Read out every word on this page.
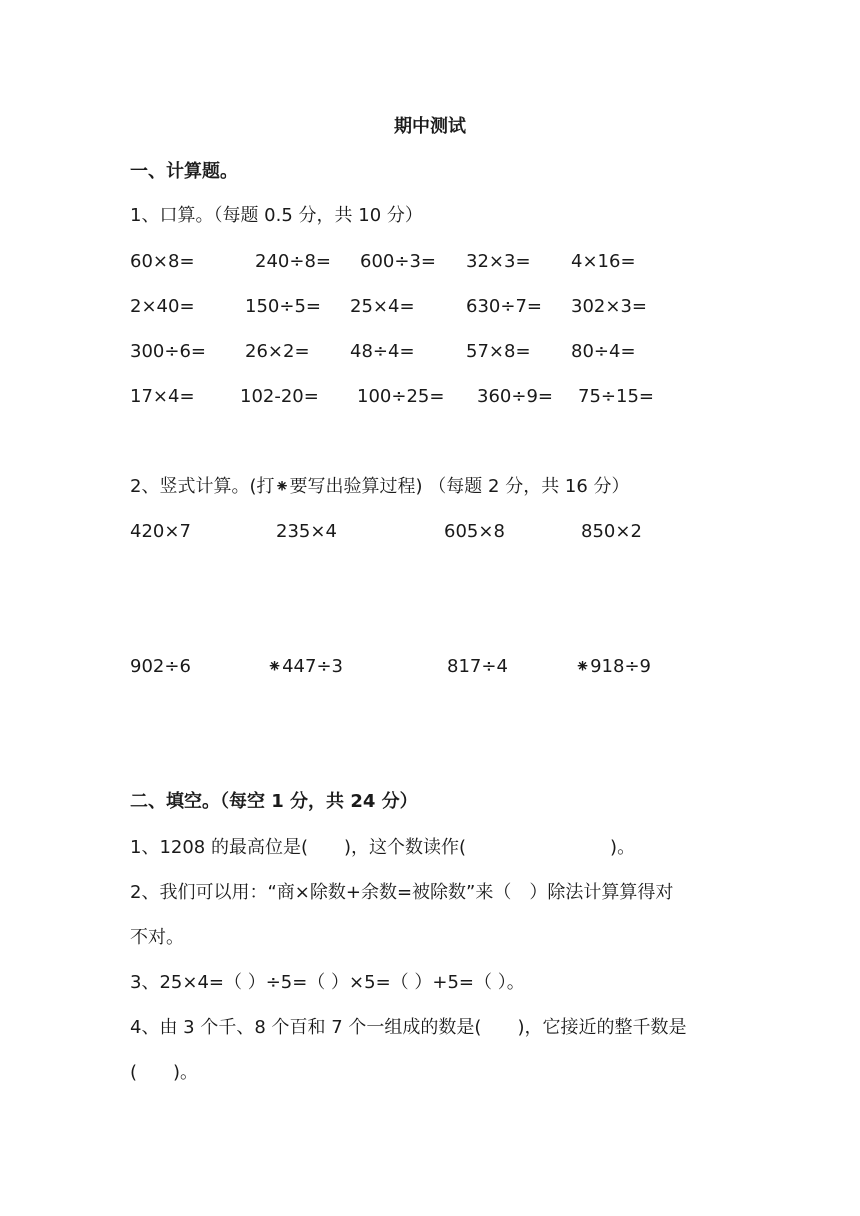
期中测试
一、计算题。
1、口算。（每题 0.5 分，共 10 分）
60×8=	240÷8= 600÷3= 32×3= 4×16=
2×40=	150÷5= 25×4=	630÷7= 302×3=
300÷6= 26×2= 48÷4=	57×8= 80÷4=
17×4=	102-20= 100÷25= 360÷9= 75÷15=
2、竖式计算。(打⁕要写出验算过程) （每题 2 分，共 16 分）
420×7	235×4	605×8	850×2
902÷6	⁕447÷3	817÷4	⁕918÷9
二、填空。（每空 1 分，共 24 分）
1、1208 的最高位是(　　)，这个数读作(　　　　　　　　)。
2、我们可以用：“商×除数+余数=被除数”来（　）除法计算算得对
不对。
3、25×4=（ ）÷5=（ ）×5=（ ）+5=（ ）。
4、由 3 个千、8 个百和 7 个一组成的数是(　　)，它接近的整千数是
(　　)。
